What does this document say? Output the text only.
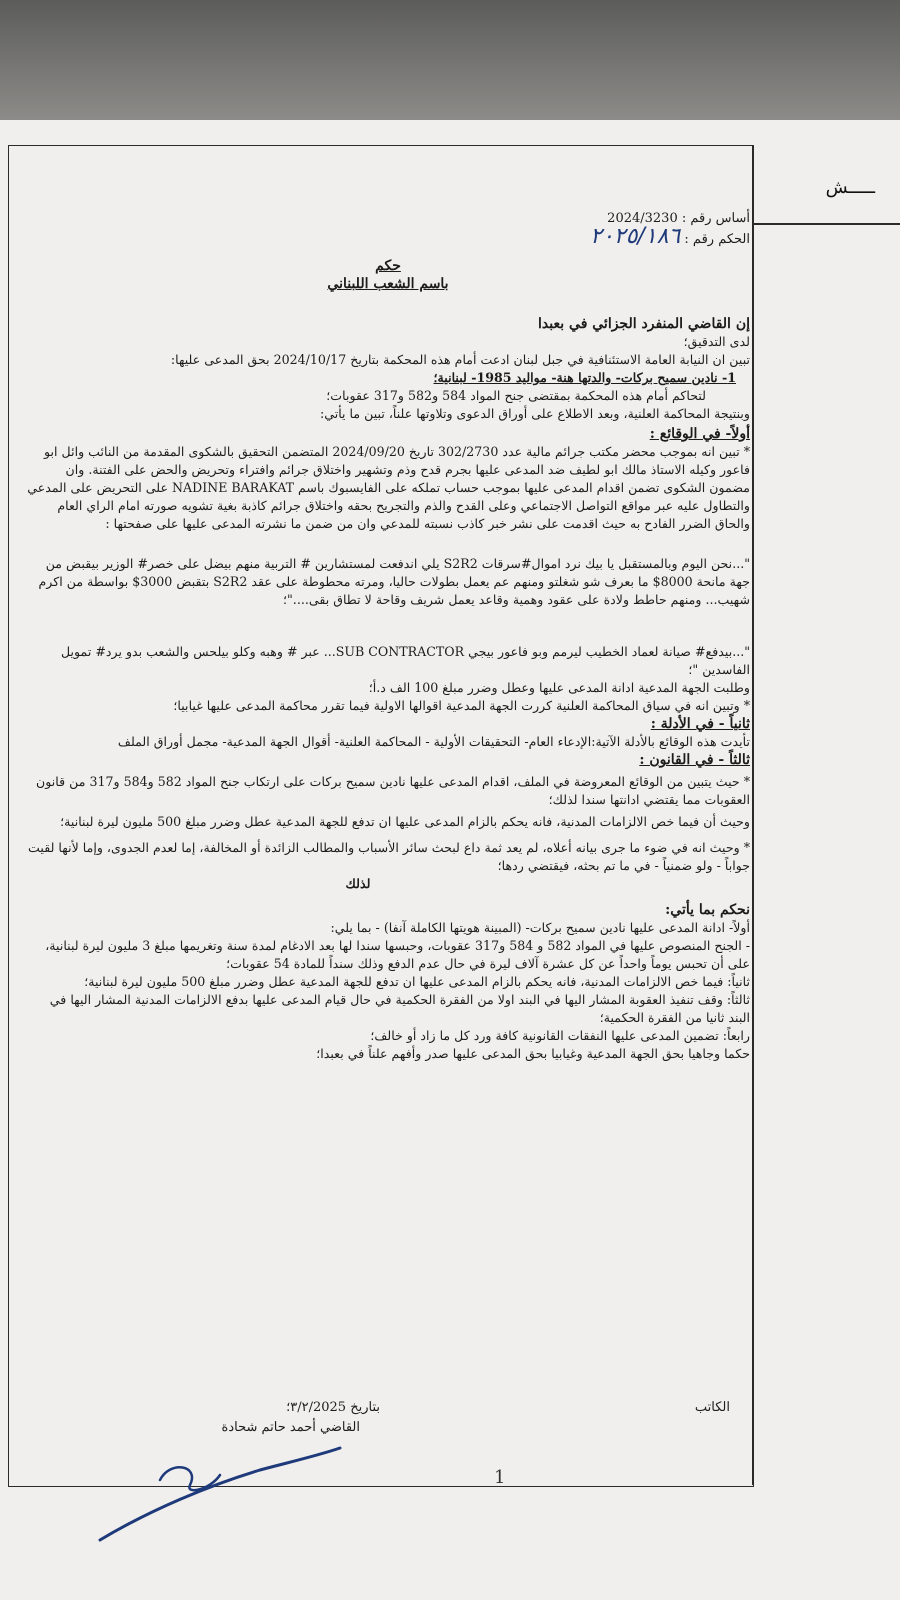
ـــــش

أساس رقم : 2024/3230

الحكم رقم : ۲۰۲٥/١٨٦

حكم

باسم الشعب اللبناني

إن القاضي المنفرد الجزائي في بعبدا

لدى التدقيق؛

تبين ان النيابة العامة الاستئنافية في جبل لبنان ادعت أمام هذه المحكمة بتاريخ 2024/10/17 بحق المدعى عليها:

1- نادين سميح بركات- والدتها هنة- مواليد 1985- لبنانية؛

لتحاكم أمام هذه المحكمة بمقتضى جنح المواد 584 و582 و317 عقوبات؛

وبنتيجة المحاكمة العلنية، وبعد الاطلاع على أوراق الدعوى وتلاوتها علناً، تبين ما يأتي:

أولاً- في الوقائع :

* تبين انه بموجب محضر مكتب جرائم مالية عدد 302/2730 تاريخ 2024/09/20 المتضمن التحقيق بالشكوى المقدمة من النائب وائل ابو فاعور وكيله الاستاذ مالك ابو لطيف ضد المدعى عليها بجرم قدح وذم وتشهير واختلاق جرائم وافتراء وتحريض والحض على الفتنة. وان مضمون الشكوى تضمن اقدام المدعى عليها بموجب حساب تملكه على الفايسبوك باسم NADINE BARAKAT على التحريض على المدعي والتطاول عليه عبر مواقع التواصل الاجتماعي وعلى القدح والذم والتجريح بحقه واختلاق جرائم كاذبة بغية تشويه صورته امام الراي العام والحاق الضرر الفادح به حيث اقدمت على نشر خبر كاذب نسبته للمدعي وان من ضمن ما نشرته المدعى عليها على صفحتها :

"...نحن اليوم وبالمستقبل يا بيك نرد اموال#سرقات S2R2 يلي اندفعت لمستشارين # التربية منهم بيضل على خصر# الوزير بيقبض من جهة مانحة 8000$ ما بعرف شو شغلتو ومنهم عم يعمل بطولات حاليا، ومرته محطوطة على عقد S2R2 بتقبض 3000$ بواسطة من اكرم شهيب... ومنهم حاطط ولادة على عقود وهمية وقاعد يعمل شريف وقاحة لا تطاق بقى...."؛

"...بيدفع# صيانة لعماد الخطيب ليرمم وبو فاعور بيجي SUB CONTRACTOR... عبر # وهبه وكلو بيلحس والشعب بدو يرد# تمويل الفاسدين "؛

وطلبت الجهة المدعية ادانة المدعى عليها وعطل وضرر مبلغ 100 الف د.أ؛

* وتبين انه في سياق المحاكمة العلنية كررت الجهة المدعية اقوالها الاولية فيما تقرر محاكمة المدعى عليها غيابيا؛

ثانياً - في الأدلة :

تأيدت هذه الوقائع بالأدلة الآتية:الإدعاء العام- التحقيقات الأولية - المحاكمة العلنية- أقوال الجهة المدعية- مجمل أوراق الملف

ثالثاً - في القانون :

* حيث يتبين من الوقائع المعروضة في الملف، اقدام المدعى عليها نادين سميح بركات على ارتكاب جنح المواد 582 و584 و317 من قانون العقوبات مما يقتضي ادانتها سندا لذلك؛

وحيث أن فيما خص الالزامات المدنية، فانه يحكم بالزام المدعى عليها ان تدفع للجهة المدعية عطل وضرر مبلغ 500 مليون ليرة لبنانية؛

* وحيث انه في ضوء ما جرى بيانه أعلاه، لم يعد ثمة داع لبحث سائر الأسباب والمطالب الزائدة أو المخالفة، إما لعدم الجدوى، وإما لأنها لقيت جواباً - ولو ضمنياً - في ما تم بحثه، فيقتضي ردها؛

لذلك

نحكم بما يأتي:

أولاً- ادانة المدعى عليها نادين سميح بركات- (المبينة هويتها الكاملة آنفا) - بما يلي:

- الجنح المنصوص عليها في المواد 582 و 584 و317 عقوبات، وحبسها سندا لها بعد الادغام لمدة سنة وتغريمها مبلغ 3 مليون ليرة لبنانية، على أن تحبس يوماً واحداً عن كل عشرة آلاف ليرة في حال عدم الدفع وذلك سنداً للمادة 54 عقوبات؛

ثانياً: فيما خص الالزامات المدنية، فانه يحكم بالزام المدعى عليها ان تدفع للجهة المدعية عطل وضرر مبلغ 500 مليون ليرة لبنانية؛

ثالثاً: وقف تنفيذ العقوبة المشار اليها في البند اولا من الفقرة الحكمية في حال قيام المدعى عليها بدفع الالزامات المدنية المشار اليها في البند ثانيا من الفقرة الحكمية؛

رابعاً: تضمين المدعى عليها النفقات القانونية كافة ورد كل ما زاد أو خالف؛

حكما وجاهيا بحق الجهة المدعية وغيابيا بحق المدعى عليها صدر وأفهم علناً في بعبدا؛

بتاريخ ٣/٢/2025؛
القاضي أحمد حاتم شحادة
الكاتب
1
